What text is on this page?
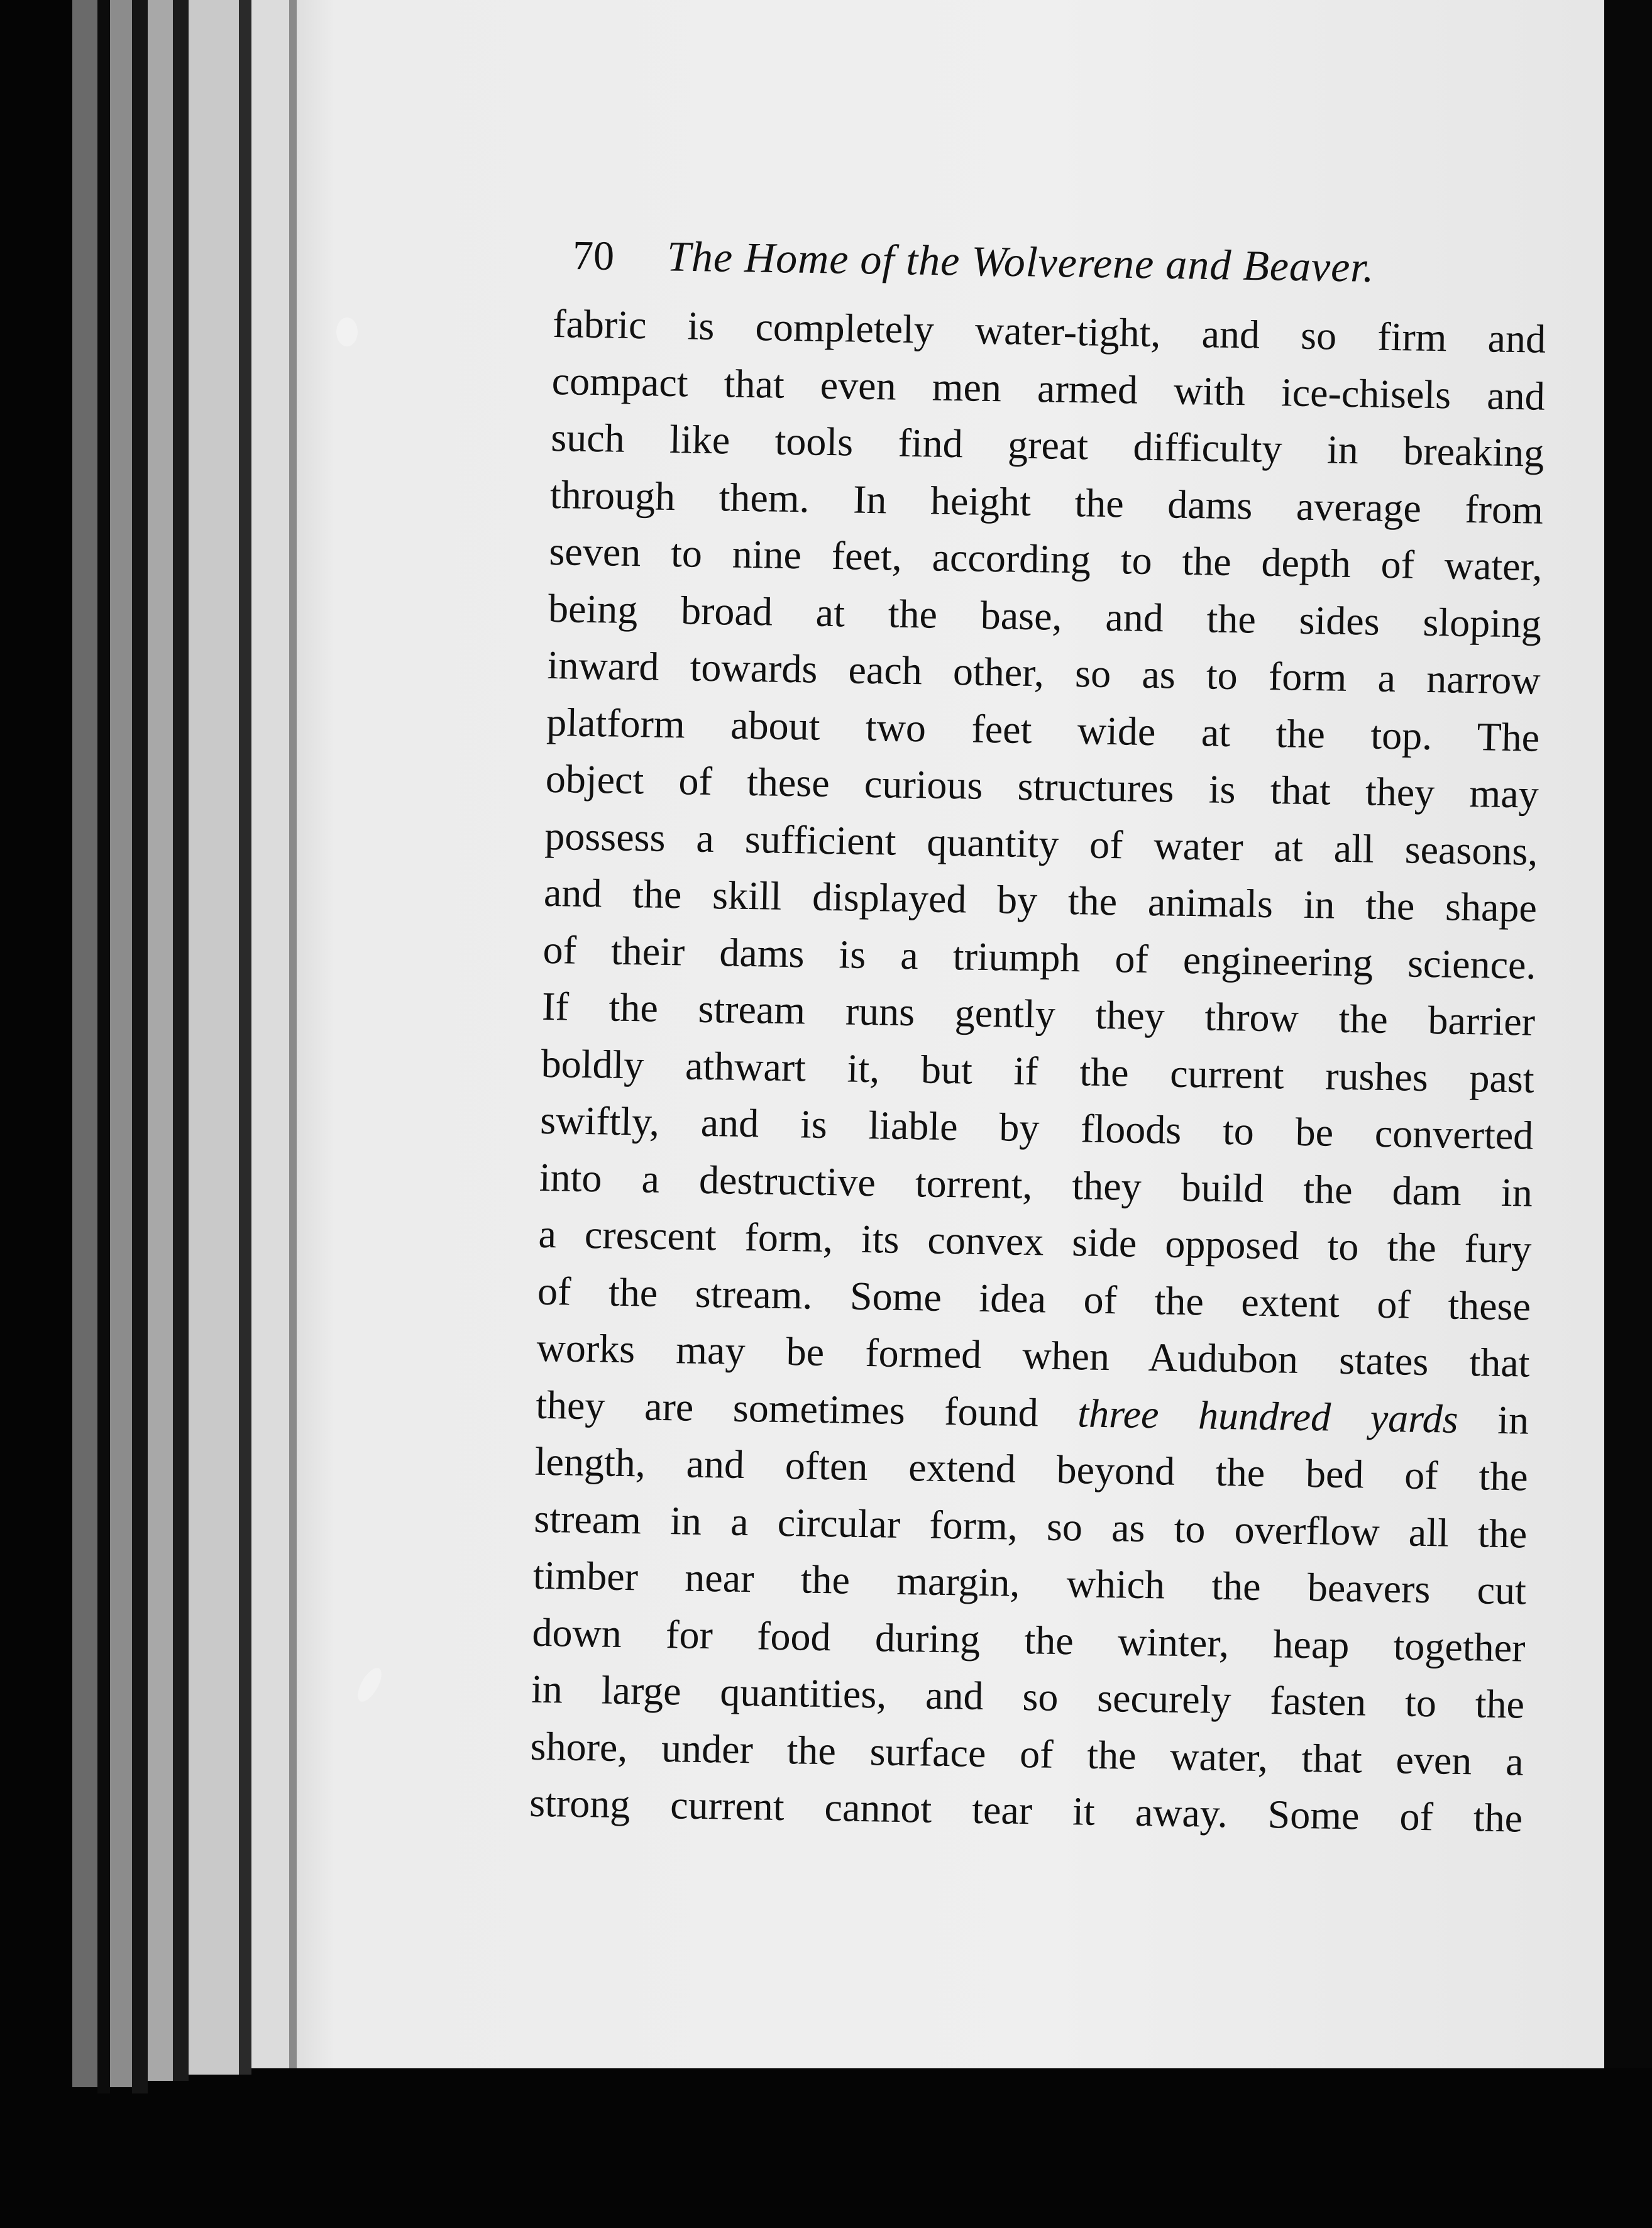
70 The Home of the Wolverene and Beaver.
fabric is completely water-tight, and so firm and
compact that even men armed with ice-chisels and
such like tools find great difficulty in breaking
through them. In height the dams average from
seven to nine feet, according to the depth of water,
being broad at the base, and the sides sloping
inward towards each other, so as to form a narrow
platform about two feet wide at the top. The
object of these curious structures is that they may
possess a sufficient quantity of water at all seasons,
and the skill displayed by the animals in the shape
of their dams is a triumph of engineering science.
If the stream runs gently they throw the barrier
boldly athwart it, but if the current rushes past
swiftly, and is liable by floods to be converted
into a destructive torrent, they build the dam in
a crescent form, its convex side opposed to the fury
of the stream. Some idea of the extent of these
works may be formed when Audubon states that
they are sometimes found three hundred yards in
length, and often extend beyond the bed of the
stream in a circular form, so as to overflow all the
timber near the margin, which the beavers cut
down for food during the winter, heap together
in large quantities, and so securely fasten to the
shore, under the surface of the water, that even a
strong current cannot tear it away. Some of the
